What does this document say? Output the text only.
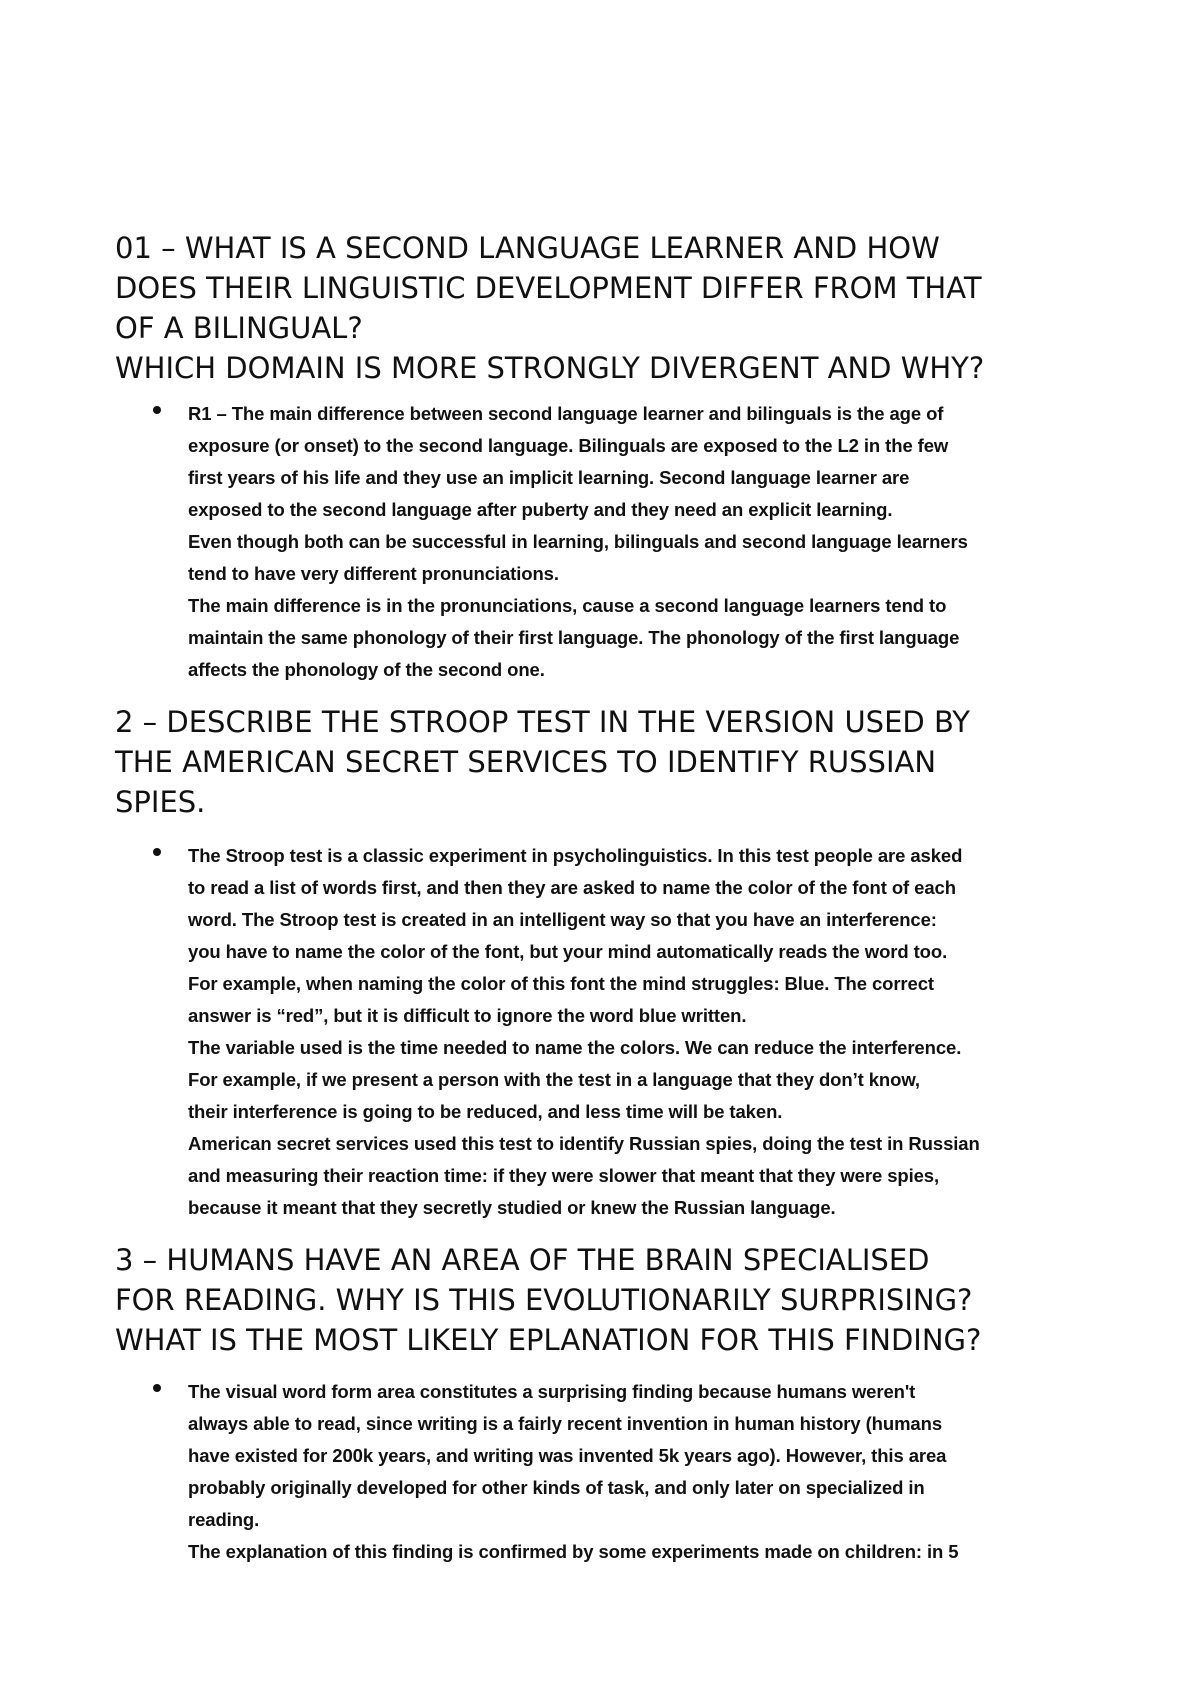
01 – WHAT IS A SECOND LANGUAGE LEARNER AND HOW
DOES THEIR LINGUISTIC DEVELOPMENT DIFFER FROM THAT
OF A BILINGUAL?
WHICH DOMAIN IS MORE STRONGLY DIVERGENT AND WHY?
R1 – The main difference between second language learner and bilinguals is the age of
exposure (or onset) to the second language. Bilinguals are exposed to the L2 in the few
first years of his life and they use an implicit learning. Second language learner are
exposed to the second language after puberty and they need an explicit learning.
Even though both can be successful in learning, bilinguals and second language learners
tend to have very different pronunciations.
The main difference is in the pronunciations, cause a second language learners tend to
maintain the same phonology of their first language. The phonology of the first language
affects the phonology of the second one.
2 – DESCRIBE THE STROOP TEST IN THE VERSION USED BY
THE AMERICAN SECRET SERVICES TO IDENTIFY RUSSIAN
SPIES.
The Stroop test is a classic experiment in psycholinguistics. In this test people are asked
to read a list of words first, and then they are asked to name the color of the font of each
word. The Stroop test is created in an intelligent way so that you have an interference:
you have to name the color of the font, but your mind automatically reads the word too.
For example, when naming the color of this font the mind struggles: Blue. The correct
answer is “red”, but it is difficult to ignore the word blue written.
The variable used is the time needed to name the colors. We can reduce the interference.
For example, if we present a person with the test in a language that they don’t know,
their interference is going to be reduced, and less time will be taken.
American secret services used this test to identify Russian spies, doing the test in Russian
and measuring their reaction time: if they were slower that meant that they were spies,
because it meant that they secretly studied or knew the Russian language.
3 – HUMANS HAVE AN AREA OF THE BRAIN SPECIALISED
FOR READING. WHY IS THIS EVOLUTIONARILY SURPRISING?
WHAT IS THE MOST LIKELY EPLANATION FOR THIS FINDING?
The visual word form area constitutes a surprising finding because humans weren't
always able to read, since writing is a fairly recent invention in human history (humans
have existed for 200k years, and writing was invented 5k years ago). However, this area
probably originally developed for other kinds of task, and only later on specialized in
reading.
The explanation of this finding is confirmed by some experiments made on children: in 5
